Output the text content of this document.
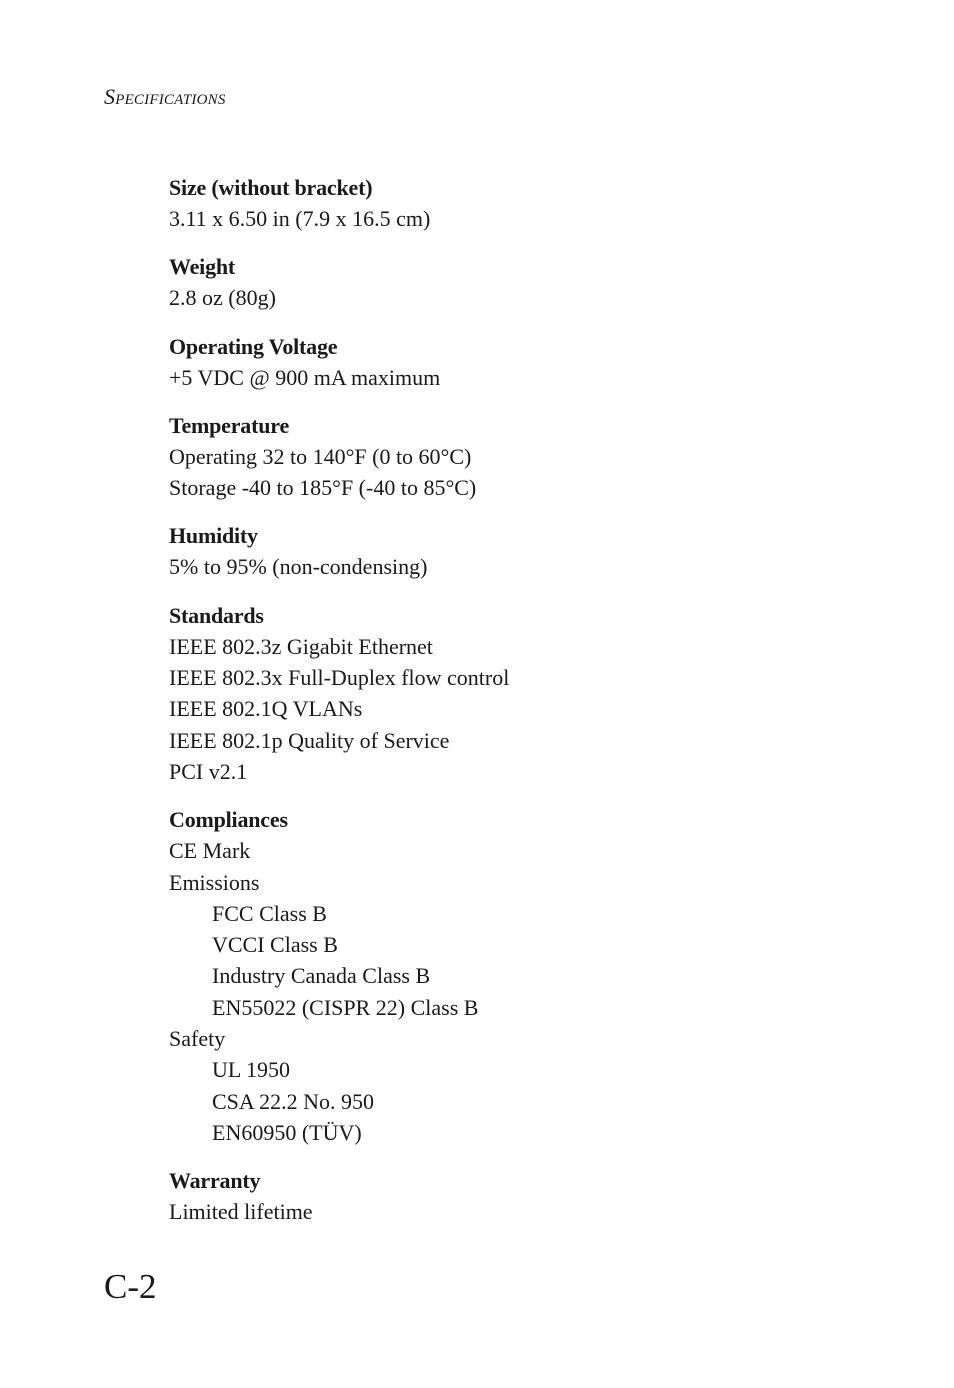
Specifications
Size (without bracket)
3.11 x 6.50 in (7.9 x 16.5 cm)
Weight
2.8 oz (80g)
Operating Voltage
+5 VDC @ 900 mA maximum
Temperature
Operating 32 to 140°F (0 to 60°C)
Storage -40 to 185°F (-40 to 85°C)
Humidity
5% to 95% (non-condensing)
Standards
IEEE 802.3z Gigabit Ethernet
IEEE 802.3x Full-Duplex flow control
IEEE 802.1Q VLANs
IEEE 802.1p Quality of Service
PCI v2.1
Compliances
CE Mark
Emissions
FCC Class B
VCCI Class B
Industry Canada Class B
EN55022 (CISPR 22) Class B
Safety
UL 1950
CSA 22.2 No. 950
EN60950 (TÜV)
Warranty
Limited lifetime
C-2
